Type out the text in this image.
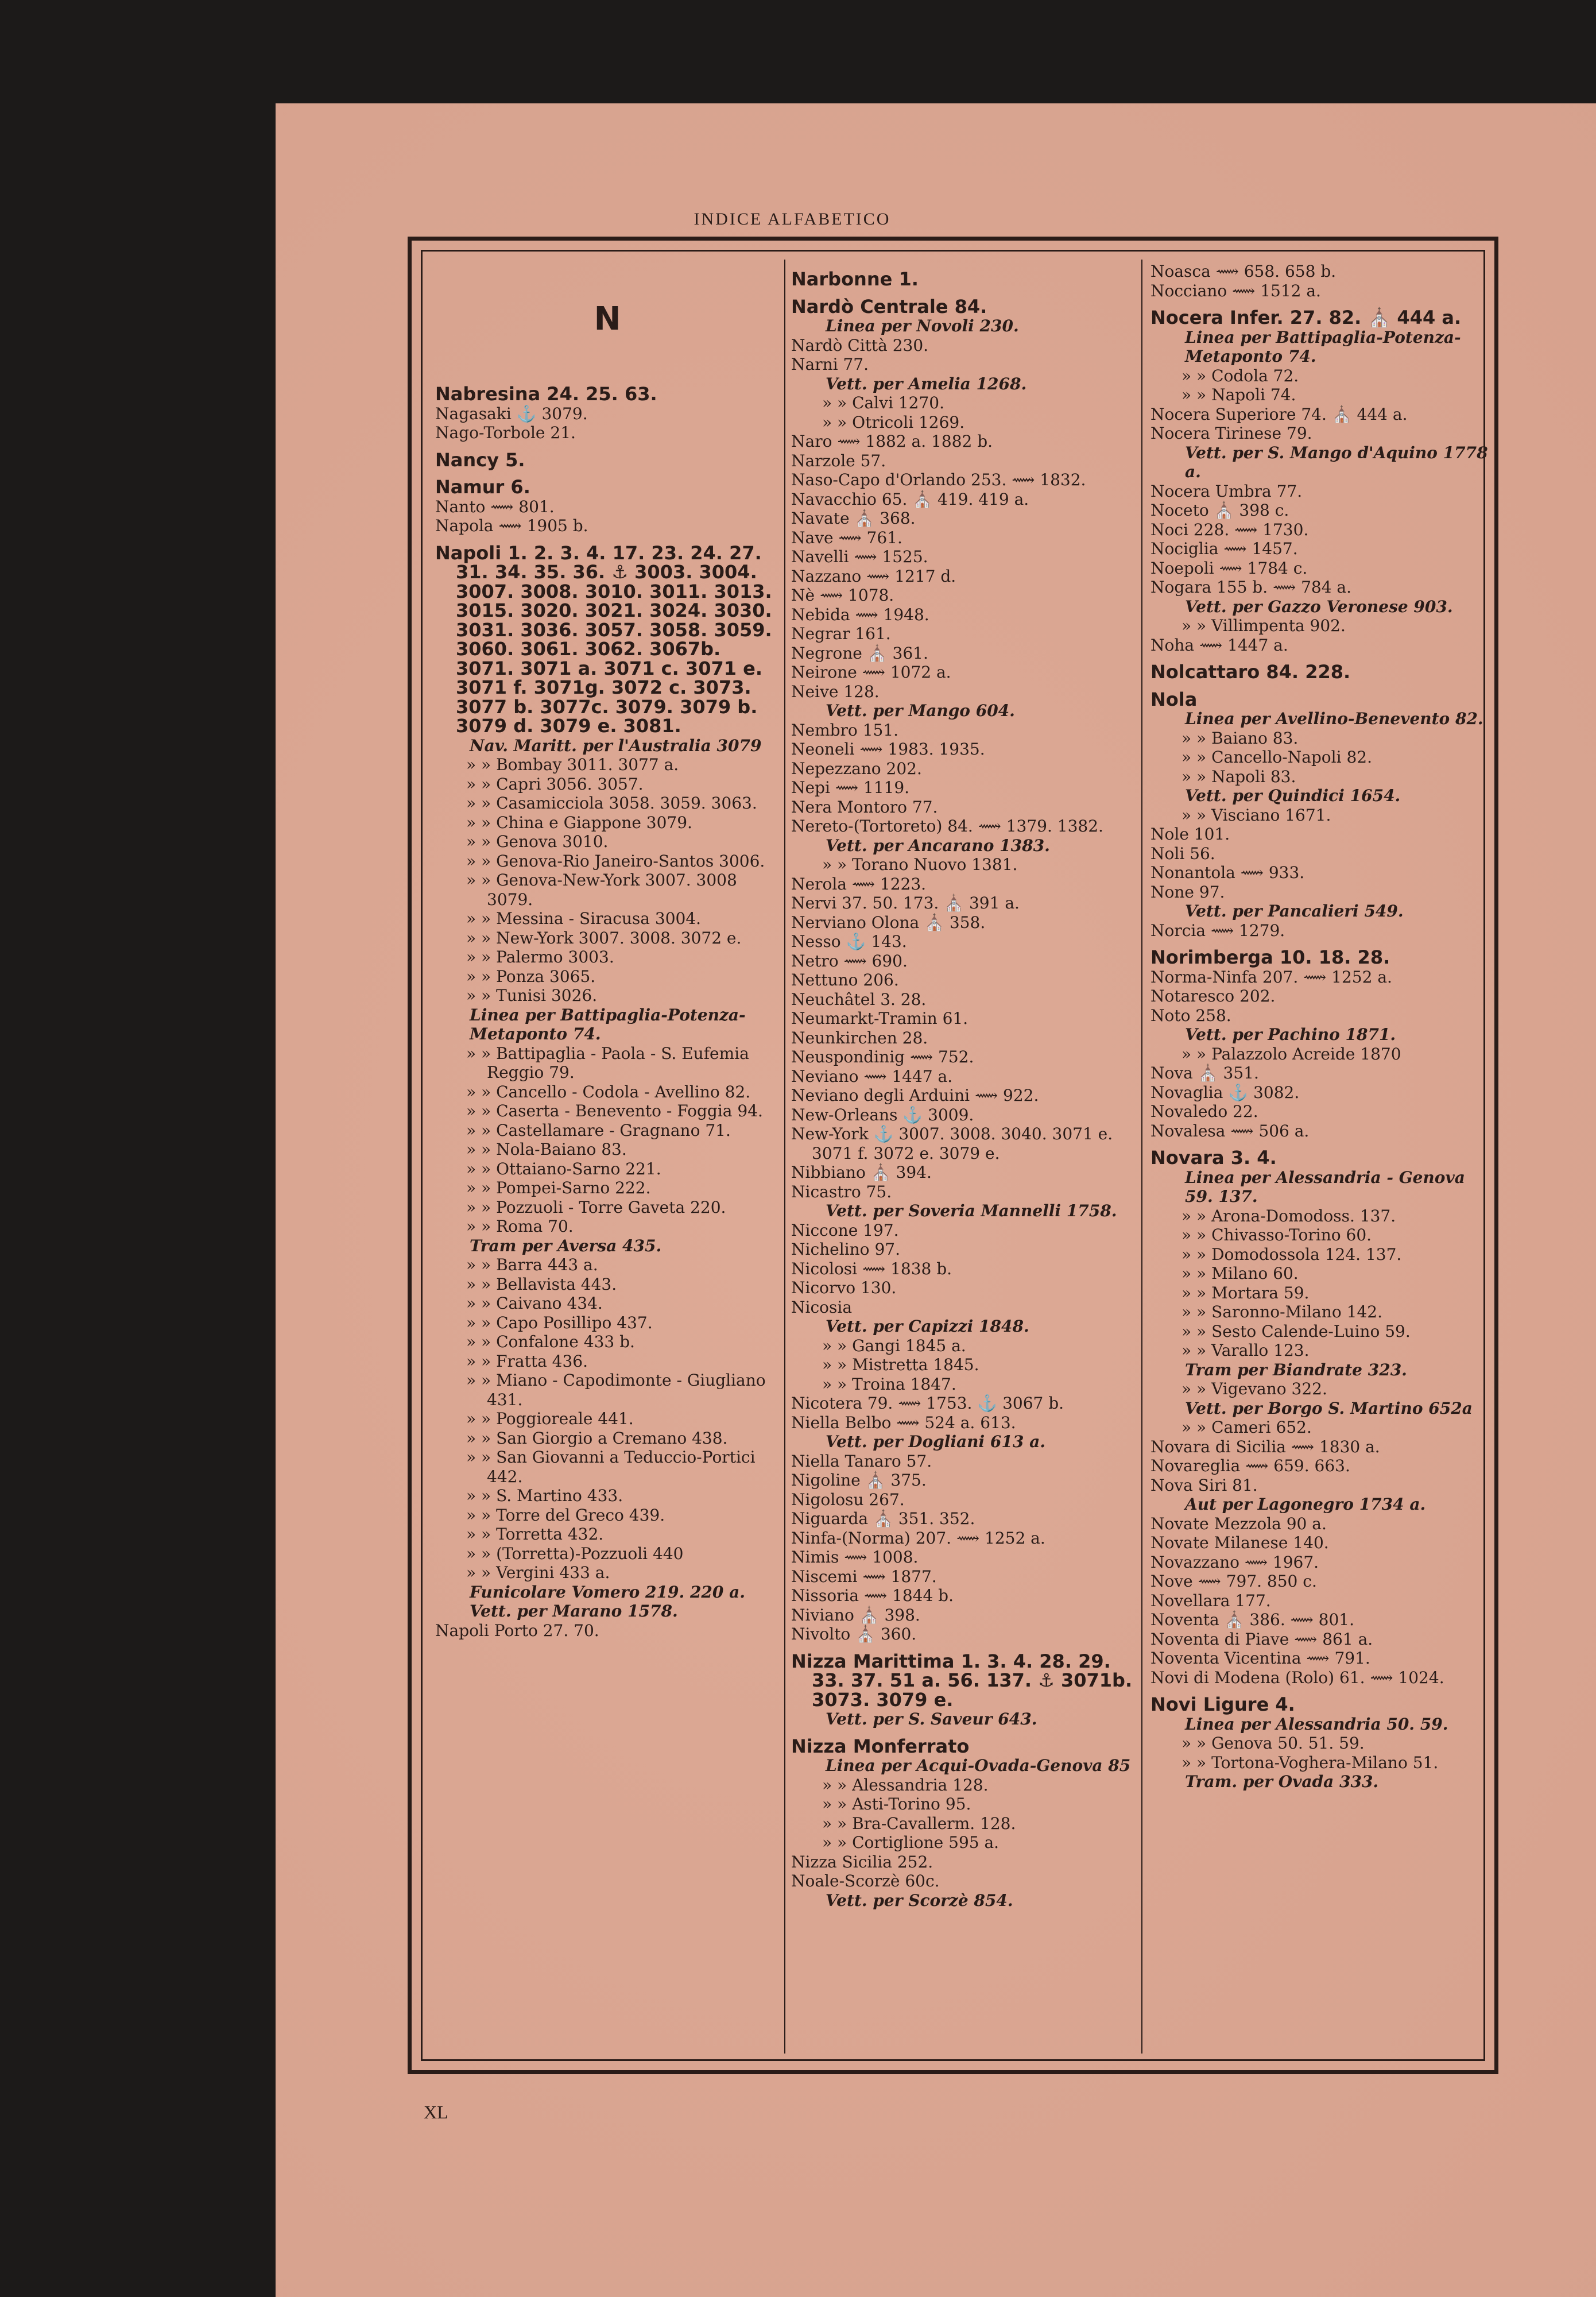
INDICE ALFABETICO
N

Nabresina 24. 25. 63.

Nagasaki ⚓ 3079.

Nago-Torbole 21.

Nancy 5.

Namur 6.

Nanto ⟿ 801.

Napola ⟿ 1905 b.

Napoli 1. 2. 3. 4. 17. 23. 24. 27. 31. 34. 35. 36. ⚓ 3003. 3004. 3007. 3008. 3010. 3011. 3013. 3015. 3020. 3021. 3024. 3030. 3031. 3036. 3057. 3058. 3059. 3060. 3061. 3062. 3067b. 3071. 3071 a. 3071 c. 3071 e. 3071 f. 3071g. 3072 c. 3073. 3077 b. 3077c. 3079. 3079 b. 3079 d. 3079 e. 3081.

Nav. Maritt. per l'Australia 3079

» » Bombay 3011. 3077 a.

» » Capri 3056. 3057.

» » Casamicciola 3058. 3059. 3063.

» » China e Giappone 3079.

» » Genova 3010.

» » Genova-Rio Janeiro-Santos 3006.

» » Genova-New-York 3007. 3008 3079.

» » Messina - Siracusa 3004.

» » New-York 3007. 3008. 3072 e.

» » Palermo 3003.

» » Ponza 3065.

» » Tunisi 3026.

Linea per Battipaglia-Potenza-Metaponto 74.

» » Battipaglia - Paola - S. Eufemia Reggio 79.

» » Cancello - Codola - Avellino 82.

» » Caserta - Benevento - Foggia 94.

» » Castellamare - Gragnano 71.

» » Nola-Baiano 83.

» » Ottaiano-Sarno 221.

» » Pompei-Sarno 222.

» » Pozzuoli - Torre Gaveta 220.

» » Roma 70.

Tram per Aversa 435.

» » Barra 443 a.

» » Bellavista 443.

» » Caivano 434.

» » Capo Posillipo 437.

» » Confalone 433 b.

» » Fratta 436.

» » Miano - Capodimonte - Giugliano 431.

» » Poggioreale 441.

» » San Giorgio a Cremano 438.

» » San Giovanni a Teduccio-Portici 442.

» » S. Martino 433.

» » Torre del Greco 439.

» » Torretta 432.

» » (Torretta)-Pozzuoli 440

» » Vergini 433 a.

Funicolare Vomero 219. 220 a.

Vett. per Marano 1578.

Napoli Porto 27. 70.

Narbonne 1.

Nardò Centrale 84.

Linea per Novoli 230.

Nardò Città 230.

Narni 77.

Vett. per Amelia 1268.

» » Calvi 1270.

» » Otricoli 1269.

Naro ⟿ 1882 a. 1882 b.

Narzole 57.

Naso-Capo d'Orlando 253. ⟿ 1832.

Navacchio 65. ⛪ 419. 419 a.

Navate ⛪ 368.

Nave ⟿ 761.

Navelli ⟿ 1525.

Nazzano ⟿ 1217 d.

Nè ⟿ 1078.

Nebida ⟿ 1948.

Negrar 161.

Negrone ⛪ 361.

Neirone ⟿ 1072 a.

Neive 128.

Vett. per Mango 604.

Nembro 151.

Neoneli ⟿ 1983. 1935.

Nepezzano 202.

Nepi ⟿ 1119.

Nera Montoro 77.

Nereto-(Tortoreto) 84. ⟿ 1379. 1382.

Vett. per Ancarano 1383.

» » Torano Nuovo 1381.

Nerola ⟿ 1223.

Nervi 37. 50. 173. ⛪ 391 a.

Nerviano Olona ⛪ 358.

Nesso ⚓ 143.

Netro ⟿ 690.

Nettuno 206.

Neuchâtel 3. 28.

Neumarkt-Tramin 61.

Neunkirchen 28.

Neuspondinig ⟿ 752.

Neviano ⟿ 1447 a.

Neviano degli Arduini ⟿ 922.

New-Orleans ⚓ 3009.

New-York ⚓ 3007. 3008. 3040. 3071 e. 3071 f. 3072 e. 3079 e.

Nibbiano ⛪ 394.

Nicastro 75.

Vett. per Soveria Mannelli 1758.

Niccone 197.

Nichelino 97.

Nicolosi ⟿ 1838 b.

Nicorvo 130.

Nicosia

Vett. per Capizzi 1848.

» » Gangi 1845 a.

» » Mistretta 1845.

» » Troina 1847.

Nicotera 79. ⟿ 1753. ⚓ 3067 b.

Niella Belbo ⟿ 524 a. 613.

Vett. per Dogliani 613 a.

Niella Tanaro 57.

Nigoline ⛪ 375.

Nigolosu 267.

Niguarda ⛪ 351. 352.

Ninfa-(Norma) 207. ⟿ 1252 a.

Nimis ⟿ 1008.

Niscemi ⟿ 1877.

Nissoria ⟿ 1844 b.

Niviano ⛪ 398.

Nivolto ⛪ 360.

Nizza Marittima 1. 3. 4. 28. 29. 33. 37. 51 a. 56. 137. ⚓ 3071b. 3073. 3079 e.

Vett. per S. Saveur 643.

Nizza Monferrato

Linea per Acqui-Ovada-Genova 85

» » Alessandria 128.

» » Asti-Torino 95.

» » Bra-Cavallerm. 128.

» » Cortiglione 595 a.

Nizza Sicilia 252.

Noale-Scorzè 60c.

Vett. per Scorzè 854.

Noasca ⟿ 658. 658 b.

Nocciano ⟿ 1512 a.

Nocera Infer. 27. 82. ⛪ 444 a.

Linea per Battipaglia-Potenza-Metaponto 74.

» » Codola 72.

» » Napoli 74.

Nocera Superiore 74. ⛪ 444 a.

Nocera Tirinese 79.

Vett. per S. Mango d'Aquino 1778 a.

Nocera Umbra 77.

Noceto ⛪ 398 c.

Noci 228. ⟿ 1730.

Nociglia ⟿ 1457.

Noepoli ⟿ 1784 c.

Nogara 155 b. ⟿ 784 a.

Vett. per Gazzo Veronese 903.

» » Villimpenta 902.

Noha ⟿ 1447 a.

Nolcattaro 84. 228.

Nola

Linea per Avellino-Benevento 82.

» » Baiano 83.

» » Cancello-Napoli 82.

» » Napoli 83.

Vett. per Quindici 1654.

» » Visciano 1671.

Nole 101.

Noli 56.

Nonantola ⟿ 933.

None 97.

Vett. per Pancalieri 549.

Norcia ⟿ 1279.

Norimberga 10. 18. 28.

Norma-Ninfa 207. ⟿ 1252 a.

Notaresco 202.

Noto 258.

Vett. per Pachino 1871.

» » Palazzolo Acreide 1870

Nova ⛪ 351.

Novaglia ⚓ 3082.

Novaledo 22.

Novalesa ⟿ 506 a.

Novara 3. 4.

Linea per Alessandria - Genova 59. 137.

» » Arona-Domodoss. 137.

» » Chivasso-Torino 60.

» » Domodossola 124. 137.

» » Milano 60.

» » Mortara 59.

» » Saronno-Milano 142.

» » Sesto Calende-Luino 59.

» » Varallo 123.

Tram per Biandrate 323.

» » Vigevano 322.

Vett. per Borgo S. Martino 652a

» » Cameri 652.

Novara di Sicilia ⟿ 1830 a.

Novareglia ⟿ 659. 663.

Nova Siri 81.

Aut per Lagonegro 1734 a.

Novate Mezzola 90 a.

Novate Milanese 140.

Novazzano ⟿ 1967.

Nove ⟿ 797. 850 c.

Novellara 177.

Noventa ⛪ 386. ⟿ 801.

Noventa di Piave ⟿ 861 a.

Noventa Vicentina ⟿ 791.

Novi di Modena (Rolo) 61. ⟿ 1024.

Novi Ligure 4.

Linea per Alessandria 50. 59.

» » Genova 50. 51. 59.

» » Tortona-Voghera-Milano 51.

Tram. per Ovada 333.

XL
